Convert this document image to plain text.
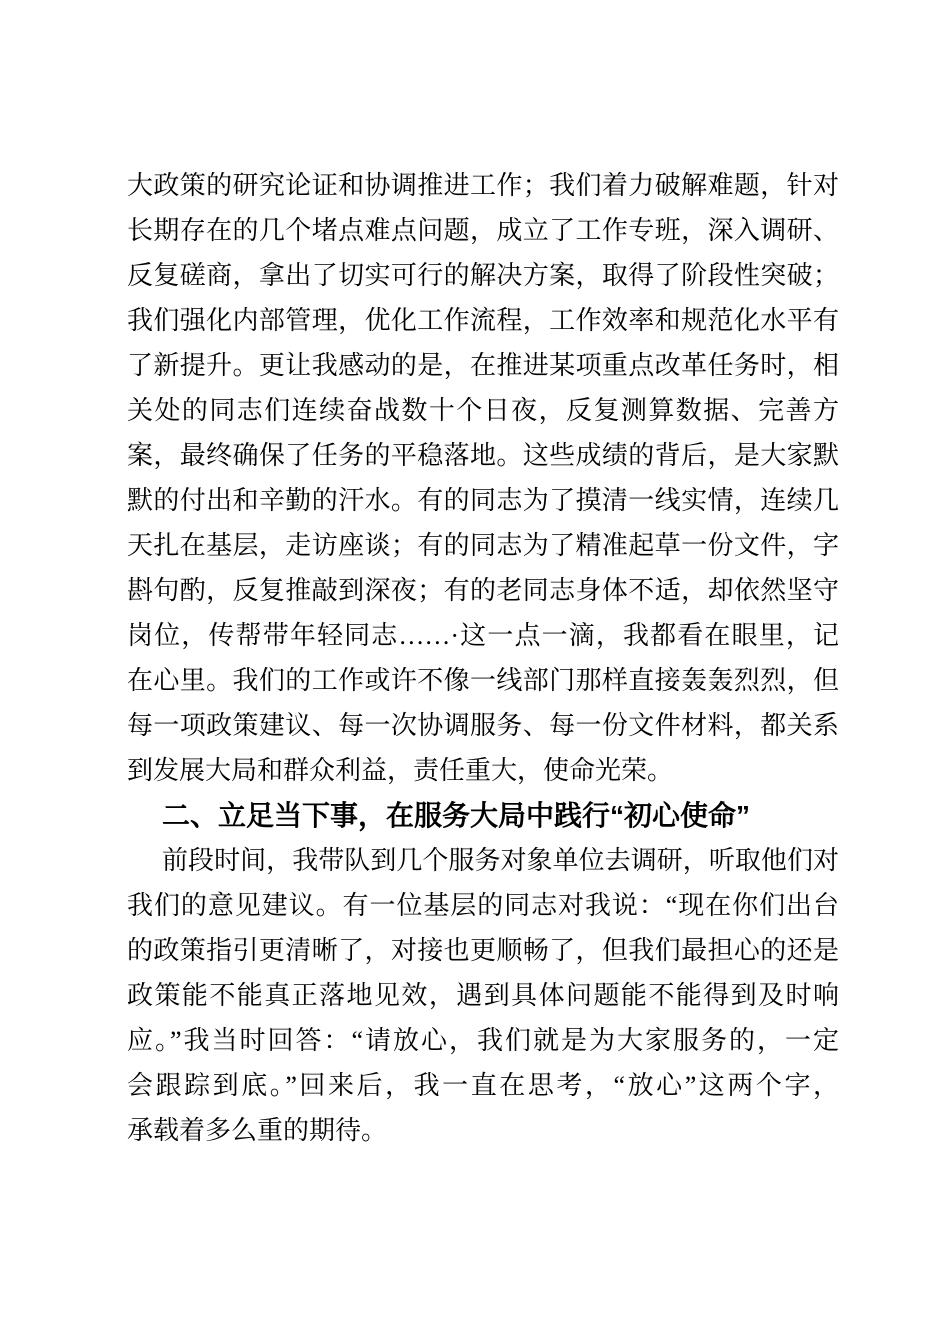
大政策的研究论证和协调推进工作；我们着力破解难题，针对
长期存在的几个堵点难点问题，成立了工作专班，深入调研、
反复磋商，拿出了切实可行的解决方案，取得了阶段性突破；
我们强化内部管理，优化工作流程，工作效率和规范化水平有
了新提升。更让我感动的是，在推进某项重点改革任务时，相
关处的同志们连续奋战数十个日夜，反复测算数据、完善方
案，最终确保了任务的平稳落地。这些成绩的背后，是大家默
默的付出和辛勤的汗水。有的同志为了摸清一线实情，连续几
天扎在基层，走访座谈；有的同志为了精准起草一份文件，字
斟句酌，反复推敲到深夜；有的老同志身体不适，却依然坚守
岗位，传帮带年轻同志……·这一点一滴，我都看在眼里，记
在心里。我们的工作或许不像一线部门那样直接轰轰烈烈，但
每一项政策建议、每一次协调服务、每一份文件材料，都关系
到发展大局和群众利益，责任重大，使命光荣。
二、立足当下事，在服务大局中践行“初心使命”
前段时间，我带队到几个服务对象单位去调研，听取他们对
我们的意见建议。有一位基层的同志对我说：“现在你们出台
的政策指引更清晰了，对接也更顺畅了，但我们最担心的还是
政策能不能真正落地见效，遇到具体问题能不能得到及时响
应。”我当时回答：“请放心，我们就是为大家服务的，一定
会跟踪到底。”回来后，我一直在思考，“放心”这两个字，
承载着多么重的期待。
